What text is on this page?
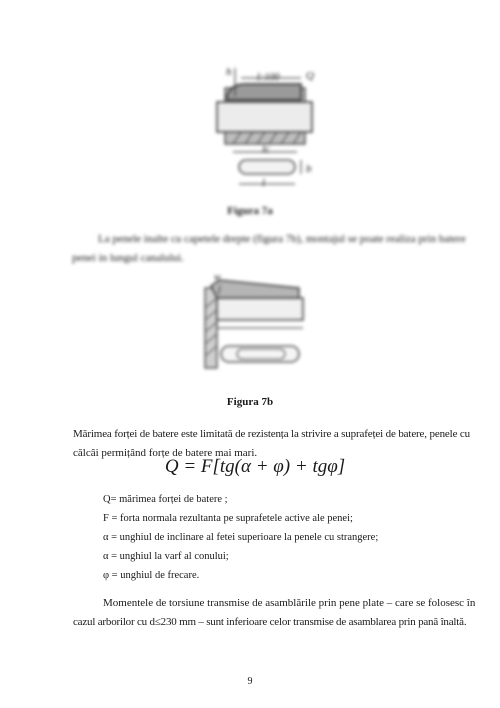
h 1:100 Q
lc
b
l
Figura 7a
La penele inalte cu capetele drepte (figura 7b), montajul se poate realiza prin batere
penei in lungul canalului.
w
j
Figura 7b
Mărimea forței de batere este limitată de rezistența la strivire a suprafeței de batere, penele cu
călcâi permițând forțe de batere mai mari.
Q = F[tg(α + φ) + tgφ]
Q= mărimea forței de batere ;
F = forta normala rezultanta pe suprafetele active ale penei;
α = unghiul de inclinare al fetei superioare la penele cu strangere;
α = unghiul la varf al conului;
φ = unghiul de frecare.
Momentele de torsiune transmise de asamblările prin pene plate – care se folosesc în
cazul arborilor cu d≤230 mm – sunt inferioare celor transmise de asamblarea prin pană înaltă.
9
